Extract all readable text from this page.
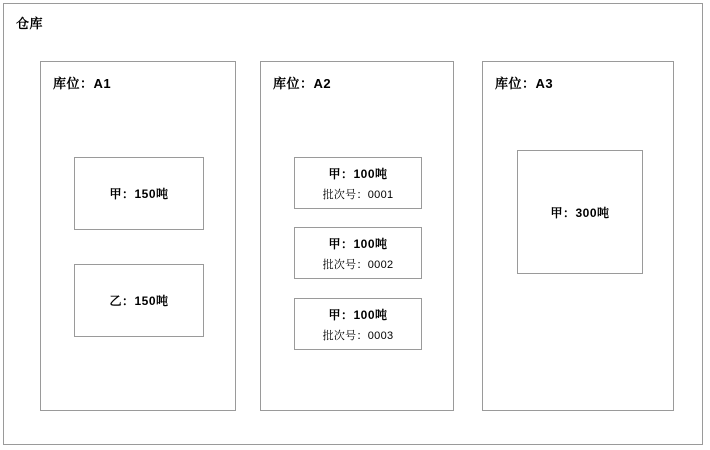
仓库
库位：A1
甲：150吨
乙：150吨
库位：A2
甲：100吨
批次号：0001
甲：100吨
批次号：0002
甲：100吨
批次号：0003
库位：A3
甲：300吨
